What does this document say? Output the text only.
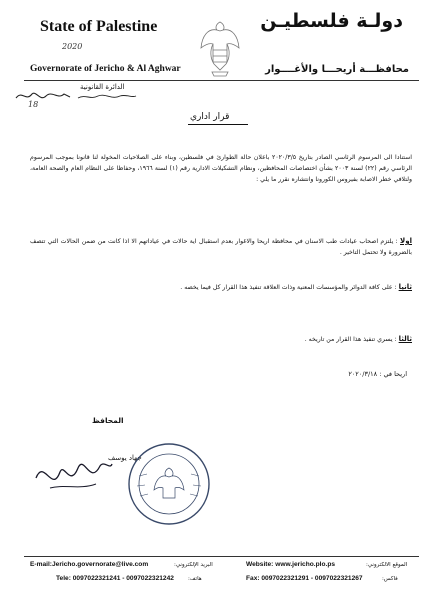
State of Palestine
Governorate of Jericho & Al Aghwar
دولـة فلسطيـن
محافظـــة أريحـــا والأغــــوار
2020
الدائرة القانونية
18
قرار اداري
استنادا الى المرسوم الرئاسي الصادر بتاريخ ٢٠٢٠/٣/٥ باعلان حالة الطوارئ في فلسطين، وبناء على الصلاحيات المخولة لنا قانونا بموجب المرسوم الرئاسي رقم (٢٢) لسنة ٢٠٠٣ بشأن اختصاصات المحافظين، ونظام التشكيلات الادارية رقم (١) لسنة ١٩٦٦، وحفاظا على النظام العام والصحة العامة، ولتلافي خطر الاصابة بفيروس الكورونا وانتشاره نقرر ما يلي :
اولا : يلتزم اصحاب عيادات طب الاسنان في محافظة اريحا والاغوار بعدم استقبال اية حالات في عياداتهم الا اذا كانت من ضمن الحالات التي تتصف بالضرورة ولا تحتمل التاخير .
ثانيا : على كافة الدوائر والمؤسسات المعنية وذات العلاقة تنفيذ هذا القرار كل فيما يخصه .
ثالثا : يسري تنفيذ هذا القرار من تاريخه .
اريحا في : ٢٠٢٠/٣/١٨
المحافظ
جهاد يوسف
E-mail:Jericho.governorate@live.com	البريد الإلكتروني:	Website: www.jericho.plo.ps	الموقع الالكتروني:
Tele: 0097022321241 - 0097022321242	هاتف:	Fax: 0097022321291 - 0097022321267	فاكس:
